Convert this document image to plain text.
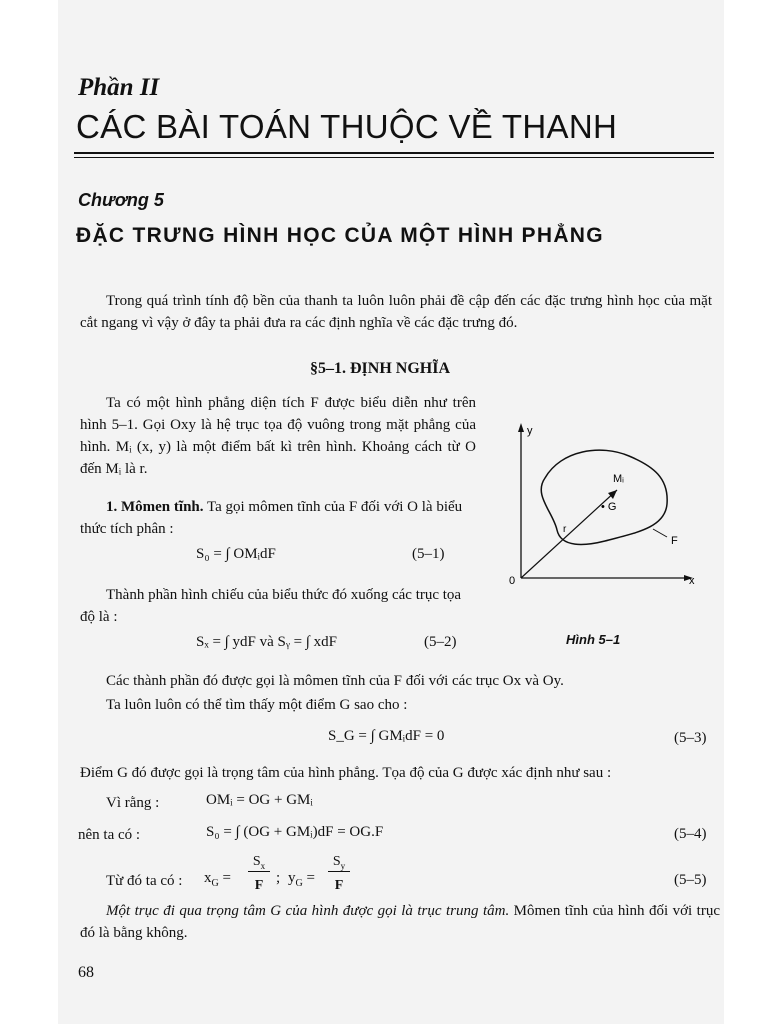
Phần II
CÁC BÀI TOÁN THUỘC VỀ THANH
Chương 5
ĐẶC TRƯNG HÌNH HỌC CỦA MỘT HÌNH PHẲNG
Trong quá trình tính độ bền của thanh ta luôn luôn phải đề cập đến các đặc trưng hình học của mặt cắt ngang vì vậy ở đây ta phải đưa ra các định nghĩa về các đặc trưng đó.
§5–1. ĐỊNH NGHĨA
Ta có một hình phẳng diện tích F được biểu diễn như trên hình 5–1. Gọi Oxy là hệ trục tọa độ vuông trong mặt phẳng của hình. Mᵢ (x, y) là một điểm bất kì trên hình. Khoảng cách từ O đến Mᵢ là r.
1. Mômen tĩnh. Ta gọi mômen tĩnh của F đối với O là biểu thức tích phân :
S₀ = ∫ OMᵢdF	(5–1)
Thành phần hình chiếu của biểu thức đó xuống các trục tọa độ là :
Sₓ = ∫ ydF và Sᵧ = ∫ xdF	(5–2)
y
x
0
Mᵢ
• G
r
F
Hình 5–1
Các thành phần đó được gọi là mômen tĩnh của F đối với các trục Ox và Oy.
Ta luôn luôn có thể tìm thấy một điểm G sao cho :
S_G = ∫ GMᵢdF = 0	(5–3)
Điểm G đó được gọi là trọng tâm của hình phẳng. Tọa độ của G được xác định như sau :
Vì rằng :	OMᵢ = OG + GMᵢ
nên ta có :	S₀ = ∫ (OG + GMᵢ)dF = OG.F	(5–4)
Từ đó ta có : $x_G$ =
$S_x$
F ; $y_G$ =
$S_y$
F	(5–5)
Một trục đi qua trọng tâm G của hình được gọi là trục trung tâm. Mômen tĩnh của hình đối với trục đó là bằng không.
68
